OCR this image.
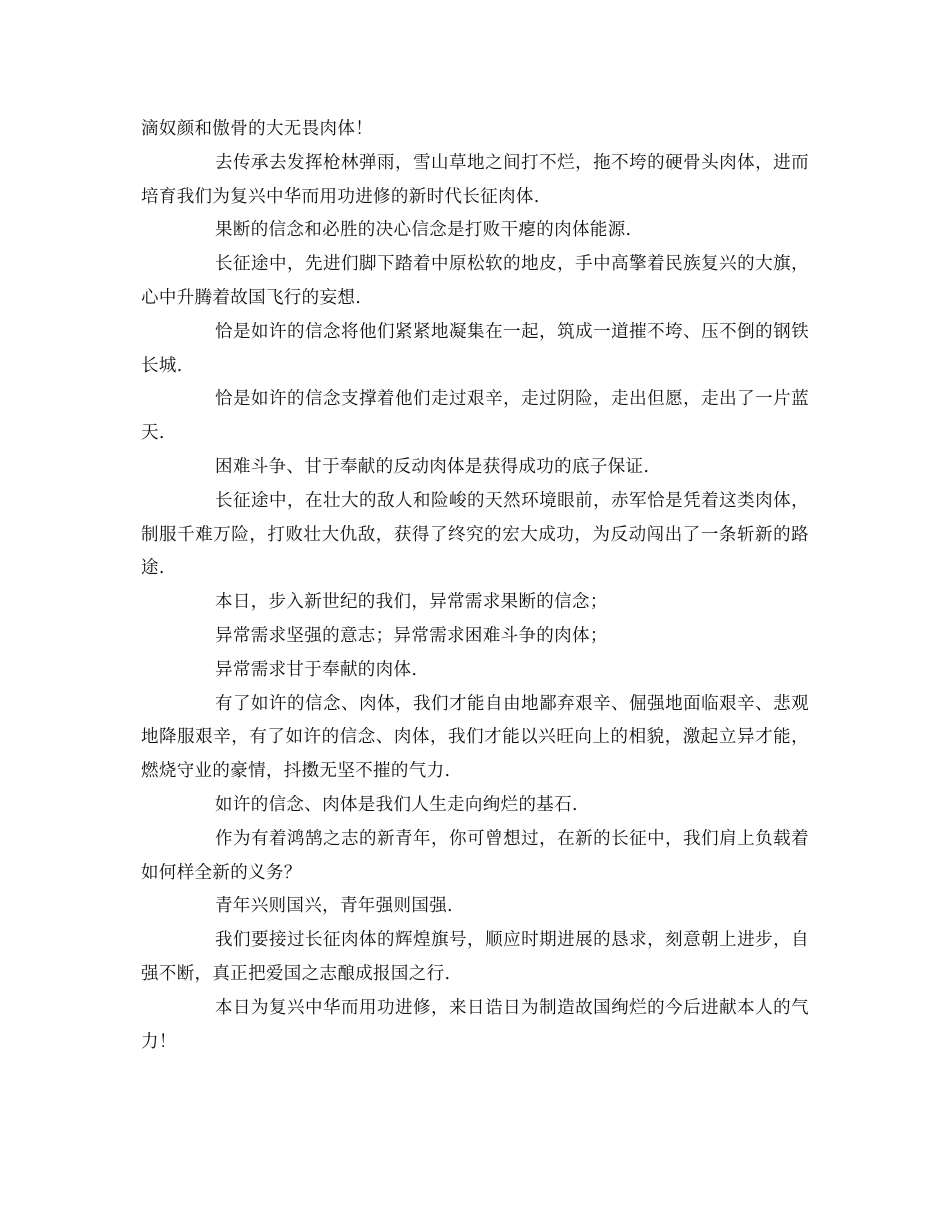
滴奴颜和傲骨的大无畏肉体！

去传承去发挥枪林弹雨，雪山草地之间打不烂，拖不垮的硬骨头肉体，进而培育我们为复兴中华而用功进修的新时代长征肉体.

果断的信念和必胜的决心信念是打败干瘪的肉体能源.

长征途中，先进们脚下踏着中原松软的地皮，手中高擎着民族复兴的大旗，心中升腾着故国飞行的妄想.

恰是如许的信念将他们紧紧地凝集在一起，筑成一道摧不垮、压不倒的钢铁长城.

恰是如许的信念支撑着他们走过艰辛，走过阴险，走出但愿，走出了一片蓝天.

困难斗争、甘于奉献的反动肉体是获得成功的底子保证.

长征途中，在壮大的敌人和险峻的天然环境眼前，赤军恰是凭着这类肉体，制服千难万险，打败壮大仇敌，获得了终究的宏大成功，为反动闯出了一条斩新的路途.

本日，步入新世纪的我们，异常需求果断的信念；

异常需求坚强的意志；异常需求困难斗争的肉体；

异常需求甘于奉献的肉体.

有了如许的信念、肉体，我们才能自由地鄙弃艰辛、倔强地面临艰辛、悲观地降服艰辛，有了如许的信念、肉体，我们才能以兴旺向上的相貌，激起立异才能，燃烧守业的豪情，抖擞无坚不摧的气力.

如许的信念、肉体是我们人生走向绚烂的基石.

作为有着鸿鹄之志的新青年，你可曾想过，在新的长征中，我们肩上负载着如何样全新的义务？

青年兴则国兴，青年强则国强.

我们要接过长征肉体的辉煌旗号，顺应时期进展的恳求，刻意朝上进步，自强不断，真正把爱国之志酿成报国之行.

本日为复兴中华而用功进修，来日诰日为制造故国绚烂的今后进献本人的气力！
